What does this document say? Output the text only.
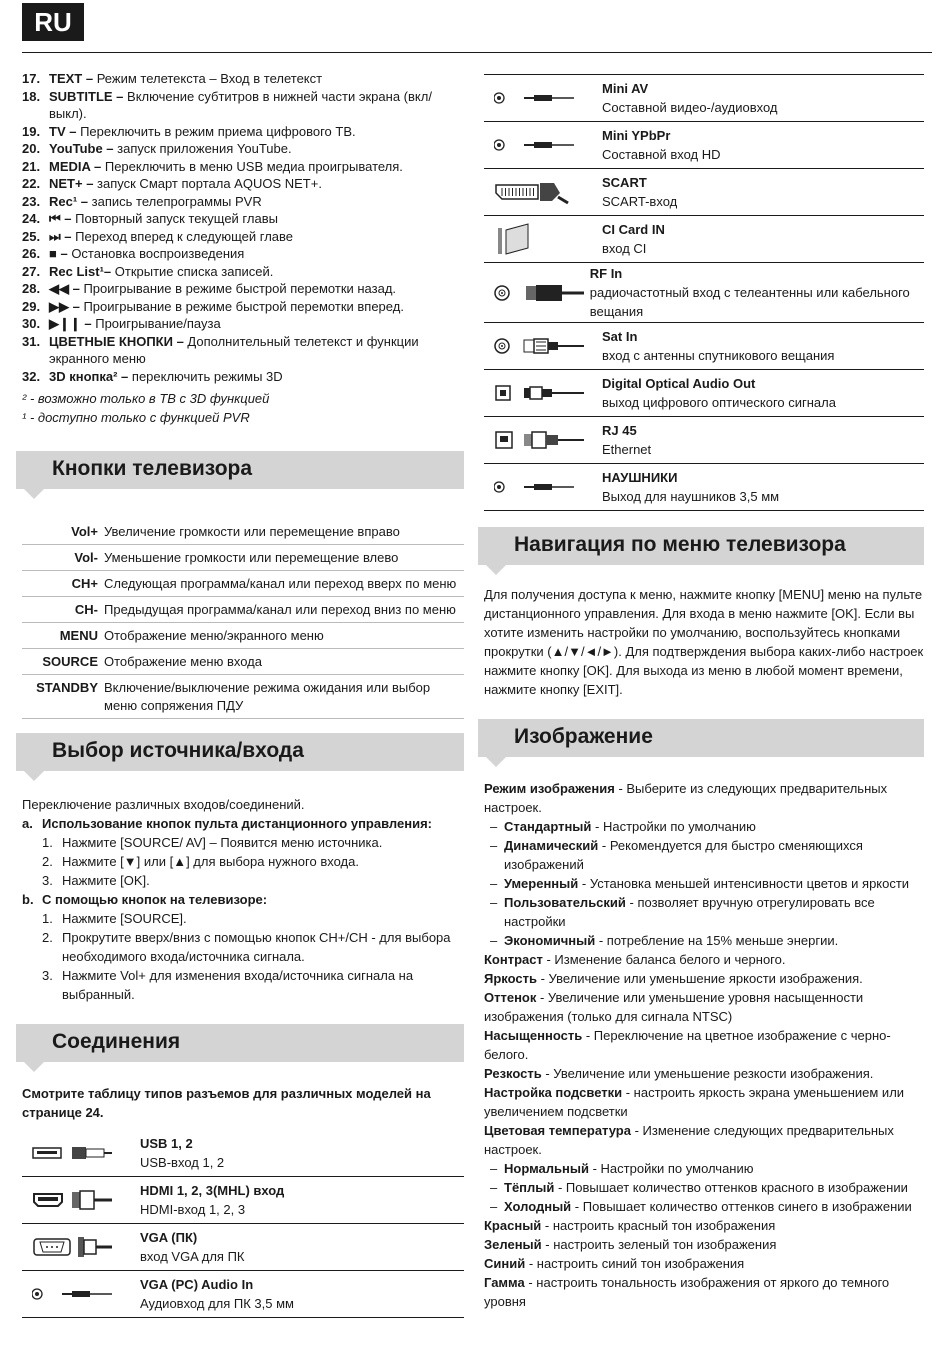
RU
17. TEXT – Режим телетекста – Вход в телетекст
18. SUBTITLE – Включение субтитров в нижней части экрана (вкл/выкл).
19. TV – Переключить в режим приема цифрового ТВ.
20. YouTube – запуск приложения YouTube.
21. MEDIA – Переключить в меню USB медиа проигрывателя.
22. NET+ – запуск Смарт портала AQUOS NET+.
23. Rec¹ – запись телепрограммы PVR
24. ⏮ – Повторный запуск текущей главы
25. ⏭ – Переход вперед к следующей главе
26. ■ – Остановка воспроизведения
27. Rec List¹– Открытие списка записей.
28. ◀◀ – Проигрывание в режиме быстрой перемотки назад.
29. ▶▶ – Проигрывание в режиме быстрой перемотки вперед.
30. ▶❙❙ – Проигрывание/пауза
31. ЦВЕТНЫЕ КНОПКИ – Дополнительный телетекст и функции экранного меню
32. 3D кнопка² – переключить режимы 3D
² - возможно только в ТВ с 3D функцией
¹ - доступно только с функцией PVR
Кнопки телевизора
Vol+	Увеличение громкости или перемещение вправо
Vol-	Уменьшение громкости или перемещение влево
CH+	Следующая программа/канал или переход вверх по меню
CH-	Предыдущая программа/канал или переход вниз по меню
MENU	Отображение меню/экранного меню
SOURCE	Отображение меню входа
STANDBY	Включение/выключение режима ожидания или выбор меню сопряжения ПДУ
Выбор источника/входа
Переключение различных входов/соединений.
a. Использование кнопок пульта дистанционного управления:
1. Нажмите [SOURCE/ AV] – Появится меню источника.
2. Нажмите [▼] или [▲] для выбора нужного входа.
3. Нажмите [OK].
b. С помощью кнопок на телевизоре:
1. Нажмите [SOURCE].
2. Прокрутите вверх/вниз с помощью кнопок CH+/CH - для выбора необходимого входа/источника сигнала.
3. Нажмите Vol+ для изменения входа/источника сигнала на выбранный.
Соединения
Смотрите таблицу типов разъемов для различных моделей на странице 24.
USB 1, 2
USB-вход 1, 2
HDMI 1, 2, 3(MHL) вход
HDMI-вход 1, 2, 3
VGA (ПК)
вход VGA для ПК
VGA (PC) Audio In
Аудиовход для ПК 3,5 мм
Mini AV
Составной видео-/аудиовход
Mini YPbPr
Составной вход HD
SCART
SCART-вход
CI Card IN
вход CI
RF In
радиочастотный вход с телеантенны или кабельного вещания
Sat In
вход с антенны спутникового вещания
Digital Optical Audio Out
выход цифрового оптического сигнала
RJ 45
Ethernet
НАУШНИКИ
Выход для наушников 3,5 мм
Навигация по меню телевизора
Для получения доступа к меню, нажмите кнопку [MENU] меню на пульте дистанционного управления. Для входа в меню нажмите [OK]. Если вы хотите изменить настройки по умолчанию, воспользуйтесь кнопками прокрутки (▲/▼/◄/►). Для подтверждения выбора каких-либо настроек нажмите кнопку [OK]. Для выхода из меню в любой момент времени, нажмите кнопку [EXIT].
Изображение
Режим изображения - Выберите из следующих предварительных настроек.
– Стандартный - Настройки по умолчанию
– Динамический - Рекомендуется для быстро сменяющихся изображений
– Умеренный - Установка меньшей интенсивности цветов и яркости
– Пользовательский - позволяет вручную отрегулировать все настройки
– Экономичный - потребление на 15% меньше энергии.
Контраст - Изменение баланса белого и черного.
Яркость - Увеличение или уменьшение яркости изображения.
Оттенок - Увеличение или уменьшение уровня насыщенности изображения (только для сигнала NTSC)
Насыщенность - Переключение на цветное изображение с черно-белого.
Резкость - Увеличение или уменьшение резкости изображения.
Настройка подсветки - настроить яркость экрана уменьшением или увеличением подсветки
Цветовая температура - Изменение следующих предварительных настроек.
– Нормальный - Настройки по умолчанию
– Тёплый - Повышает количество оттенков красного в изображении
– Холодный - Повышает количество оттенков синего в изображении
Красный - настроить красный тон изображения
Зеленый - настроить зеленый тон изображения
Синий - настроить синий тон изображения
Гамма - настроить тональность изображения от яркого до темного уровня
